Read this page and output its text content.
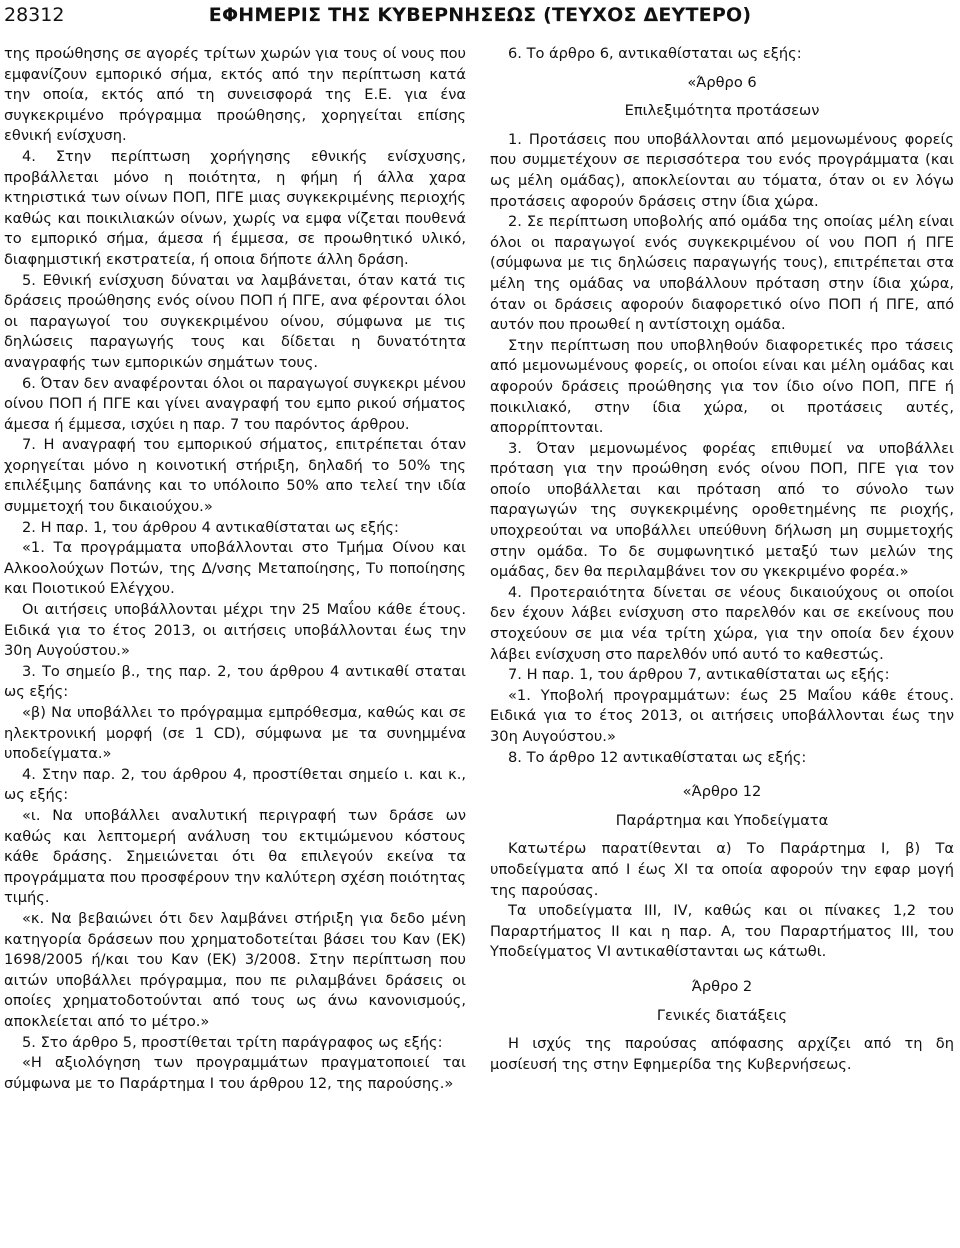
28312	ΕΦΗΜΕΡΙΣ ΤΗΣ ΚΥΒΕΡΝΗΣΕΩΣ (ΤΕΥΧΟΣ ΔΕΥΤΕΡΟ)

της προώθησης σε αγορές τρίτων χωρών για τους οί νους που εμφανίζουν εμπορικό σήμα, εκτός από την περίπτωση κατά την οποία, εκτός από τη συνεισφορά της Ε.Ε. για ένα συγκεκριμένο πρόγραμμα προώθησης, χορηγείται επίσης εθνική ενίσχυση.

4. Στην περίπτωση χορήγησης εθνικής ενίσχυσης, προβάλλεται μόνο η ποιότητα, η φήμη ή άλλα χαρα κτηριστικά των οίνων ΠΟΠ, ΠΓΕ μιας συγκεκριμένης περιοχής καθώς και ποικιλιακών οίνων, χωρίς να εμφα νίζεται πουθενά το εμπορικό σήμα, άμεσα ή έμμεσα, σε προωθητικό υλικό, διαφημιστική εκστρατεία, ή οποια δήποτε άλλη δράση.

5. Εθνική ενίσχυση δύναται να λαμβάνεται, όταν κατά τις δράσεις προώθησης ενός οίνου ΠΟΠ ή ΠΓΕ, ανα φέρονται όλοι οι παραγωγοί του συγκεκριμένου οίνου, σύμφωνα με τις δηλώσεις παραγωγής τους και δίδεται η δυνατότητα αναγραφής των εμπορικών σημάτων τους.

6. Όταν δεν αναφέρονται όλοι οι παραγωγοί συγκεκρι μένου οίνου ΠΟΠ ή ΠΓΕ και γίνει αναγραφή του εμπο ρικού σήματος άμεσα ή έμμεσα, ισχύει η παρ. 7 του παρόντος άρθρου.

7. Η αναγραφή του εμπορικού σήματος, επιτρέπεται όταν χορηγείται μόνο η κοινοτική στήριξη, δηλαδή το 50% της επιλέξιμης δαπάνης και το υπόλοιπο 50% απο τελεί την ιδία συμμετοχή του δικαιούχου.»

2. Η παρ. 1, του άρθρου 4 αντικαθίσταται ως εξής:

«1. Τα προγράμματα υποβάλλονται στο Τμήμα Οίνου και Αλκοολούχων Ποτών, της Δ/νσης Μεταποίησης, Τυ ποποίησης και Ποιοτικού Ελέγχου.

Οι αιτήσεις υποβάλλονται μέχρι την 25 Μαΐου κάθε έτους. Ειδικά για το έτος 2013, οι αιτήσεις υποβάλλονται έως την 30η Αυγούστου.»

3. Το σημείο β., της παρ. 2, του άρθρου 4 αντικαθί σταται ως εξής:

«β) Να υποβάλλει το πρόγραμμα εμπρόθεσμα, καθώς και σε ηλεκτρονική μορφή (σε 1 CD), σύμφωνα με τα συνημμένα υποδείγματα.»

4. Στην παρ. 2, του άρθρου 4, προστίθεται σημείο ι. και κ., ως εξής:

«ι. Να υποβάλλει αναλυτική περιγραφή των δράσε ων καθώς και λεπτομερή ανάλυση του εκτιμώμενου κόστους κάθε δράσης. Σημειώνεται ότι θα επιλεγούν εκείνα τα προγράμματα που προσφέρουν την καλύτερη σχέση ποιότητας τιμής.

«κ. Να βεβαιώνει ότι δεν λαμβάνει στήριξη για δεδο μένη κατηγορία δράσεων που χρηματοδοτείται βάσει του Καν (ΕΚ) 1698/2005 ή/και του Καν (ΕΚ) 3/2008. Στην περίπτωση που αιτών υποβάλλει πρόγραμμα, που πε ριλαμβάνει δράσεις οι οποίες χρηματοδοτούνται από τους ως άνω κανονισμούς, αποκλείεται από το μέτρο.»

5. Στο άρθρο 5, προστίθεται τρίτη παράγραφος ως εξής:

«Η αξιολόγηση των προγραμμάτων πραγματοποιεί ται σύμφωνα με το Παράρτημα Ι του άρθρου 12, της παρούσης.»

6. Το άρθρο 6, αντικαθίσταται ως εξής:

«Άρθρο 6

Επιλεξιμότητα προτάσεων

1. Προτάσεις που υποβάλλονται από μεμονωμένους φορείς που συμμετέχουν σε περισσότερα του ενός προγράμματα (και ως μέλη ομάδας), αποκλείονται αυ τόματα, όταν οι εν λόγω προτάσεις αφορούν δράσεις στην ίδια χώρα.

2. Σε περίπτωση υποβολής από ομάδα της οποίας μέλη είναι όλοι οι παραγωγοί ενός συγκεκριμένου οί νου ΠΟΠ ή ΠΓΕ (σύμφωνα με τις δηλώσεις παραγωγής τους), επιτρέπεται στα μέλη της ομάδας να υποβάλλουν πρόταση στην ίδια χώρα, όταν οι δράσεις αφορούν διαφορετικό οίνο ΠΟΠ ή ΠΓΕ, από αυτόν που προωθεί η αντίστοιχη ομάδα.

Στην περίπτωση που υποβληθούν διαφορετικές προ τάσεις από μεμονωμένους φορείς, οι οποίοι είναι και μέλη ομάδας και αφορούν δράσεις προώθησης για τον ίδιο οίνο ΠΟΠ, ΠΓΕ ή ποικιλιακό, στην ίδια χώρα, οι προτάσεις αυτές, απορρίπτονται.

3. Όταν μεμονωμένος φορέας επιθυμεί να υποβάλλει πρόταση για την προώθηση ενός οίνου ΠΟΠ, ΠΓΕ για τον οποίο υποβάλλεται και πρόταση από το σύνολο των παραγωγών της συγκεκριμένης οροθετημένης πε ριοχής, υποχρεούται να υποβάλλει υπεύθυνη δήλωση μη συμμετοχής στην ομάδα. Το δε συμφωνητικό μεταξύ των μελών της ομάδας, δεν θα περιλαμβάνει τον συ γκεκριμένο φορέα.»

4. Προτεραιότητα δίνεται σε νέους δικαιούχους οι οποίοι δεν έχουν λάβει ενίσχυση στο παρελθόν και σε εκείνους που στοχεύουν σε μια νέα τρίτη χώρα, για την οποία δεν έχουν λάβει ενίσχυση στο παρελθόν υπό αυτό το καθεστώς.

7. Η παρ. 1, του άρθρου 7, αντικαθίσταται ως εξής:

«1. Υποβολή προγραμμάτων: έως 25 Μαΐου κάθε έτους. Ειδικά για το έτος 2013, οι αιτήσεις υποβάλλονται έως την 30η Αυγούστου.»

8. Το άρθρο 12 αντικαθίσταται ως εξής:

«Άρθρο 12

Παράρτημα και Υποδείγματα

Κατωτέρω παρατίθενται α) Το Παράρτημα Ι, β) Τα υποδείγματα από Ι έως ΧΙ τα οποία αφορούν την εφαρ μογή της παρούσας.

Τα υποδείγματα ΙΙΙ, ΙV, καθώς και οι πίνακες 1,2 του Παραρτήματος ΙΙ και η παρ. Α, του Παραρτήματος ΙΙΙ, του Υποδείγματος VΙ αντικαθίστανται ως κάτωθι.

Άρθρο 2

Γενικές διατάξεις

Η ισχύς της παρούσας απόφασης αρχίζει από τη δη μοσίευσή της στην Εφημερίδα της Κυβερνήσεως.
